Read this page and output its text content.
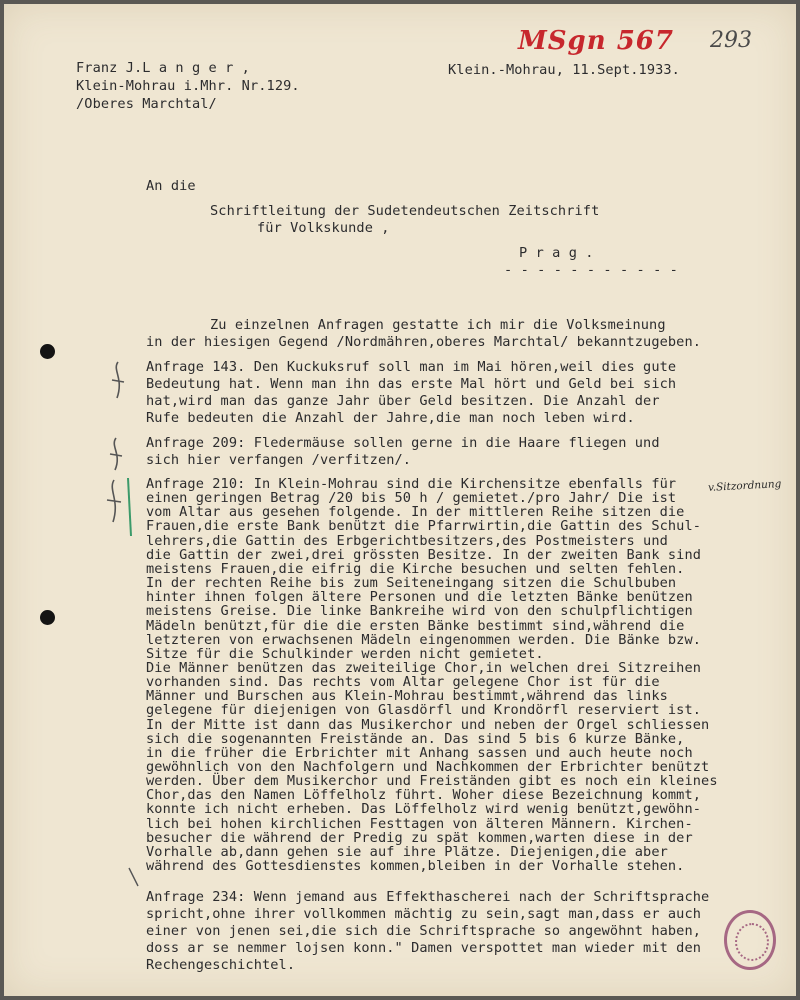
MSgn 567 293
Franz J.L a n g e r ,
Klein-Mohrau i.Mhr. Nr.129.
/Oberes Marchtal/
Klein.-Mohrau, 11.Sept.1933.
An die
Schriftleitung der Sudetendeutschen Zeitschrift
für Volkskunde ,
P r a g .
- - - - - - - - - - -
Zu einzelnen Anfragen gestatte ich mir die Volksmeinung
in der hiesigen Gegend /Nordmähren,oberes Marchtal/ bekanntzugeben.
Anfrage 143. Den Kuckuksruf soll man im Mai hören,weil dies gute
Bedeutung hat. Wenn man ihn das erste Mal hört und Geld bei sich
hat,wird man das ganze Jahr über Geld besitzen. Die Anzahl der
Rufe bedeuten die Anzahl der Jahre,die man noch leben wird.
Anfrage 209: Fledermäuse sollen gerne in die Haare fliegen und
sich hier verfangen /verfitzen/.
Anfrage 210: In Klein-Mohrau sind die Kirchensitze ebenfalls für
einen geringen Betrag /20 bis 50 h / gemietet./pro Jahr/ Die ist
vom Altar aus gesehen folgende. In der mittleren Reihe sitzen die
Frauen,die erste Bank benützt die Pfarrwirtin,die Gattin des Schul-
lehrers,die Gattin des Erbgerichtbesitzers,des Postmeisters und
die Gattin der zwei,drei grössten Besitze. In der zweiten Bank sind
meistens Frauen,die eifrig die Kirche besuchen und selten fehlen.
In der rechten Reihe bis zum Seiteneingang sitzen die Schulbuben
hinter ihnen folgen ältere Personen und die letzten Bänke benützen
meistens Greise. Die linke Bankreihe wird von den schulpflichtigen
Mädeln benützt,für die die ersten Bänke bestimmt sind,während die
letzteren von erwachsenen Mädeln eingenommen werden. Die Bänke bzw.
Sitze für die Schulkinder werden nicht gemietet.
Die Männer benützen das zweiteilige Chor,in welchen drei Sitzreihen
vorhanden sind. Das rechts vom Altar gelegene Chor ist für die
Männer und Burschen aus Klein-Mohrau bestimmt,während das links
gelegene für diejenigen von Glasdörfl und Krondörfl reserviert ist.
In der Mitte ist dann das Musikerchor und neben der Orgel schliessen
sich die sogenannten Freistände an. Das sind 5 bis 6 kurze Bänke,
in die früher die Erbrichter mit Anhang sassen und auch heute noch
gewöhnlich von den Nachfolgern und Nachkommen der Erbrichter benützt
werden. Über dem Musikerchor und Freiständen gibt es noch ein kleines
Chor,das den Namen Löffelholz führt. Woher diese Bezeichnung kommt,
konnte ich nicht erheben. Das Löffelholz wird wenig benützt,gewöhn-
lich bei hohen kirchlichen Festtagen von älteren Männern. Kirchen-
besucher die während der Predig zu spät kommen,warten diese in der
Vorhalle ab,dann gehen sie auf ihre Plätze. Diejenigen,die aber
während des Gottesdienstes kommen,bleiben in der Vorhalle stehen.
Anfrage 234: Wenn jemand aus Effekthascherei nach der Schriftsprache
spricht,ohne ihrer vollkommen mächtig zu sein,sagt man,dass er auch
einer von jenen sei,die sich die Schriftsprache so angewöhnt haben,
doss ar se nemmer lojsen konn." Damen verspottet man wieder mit den
Rechengeschichtel.
v.Sitzordnung
